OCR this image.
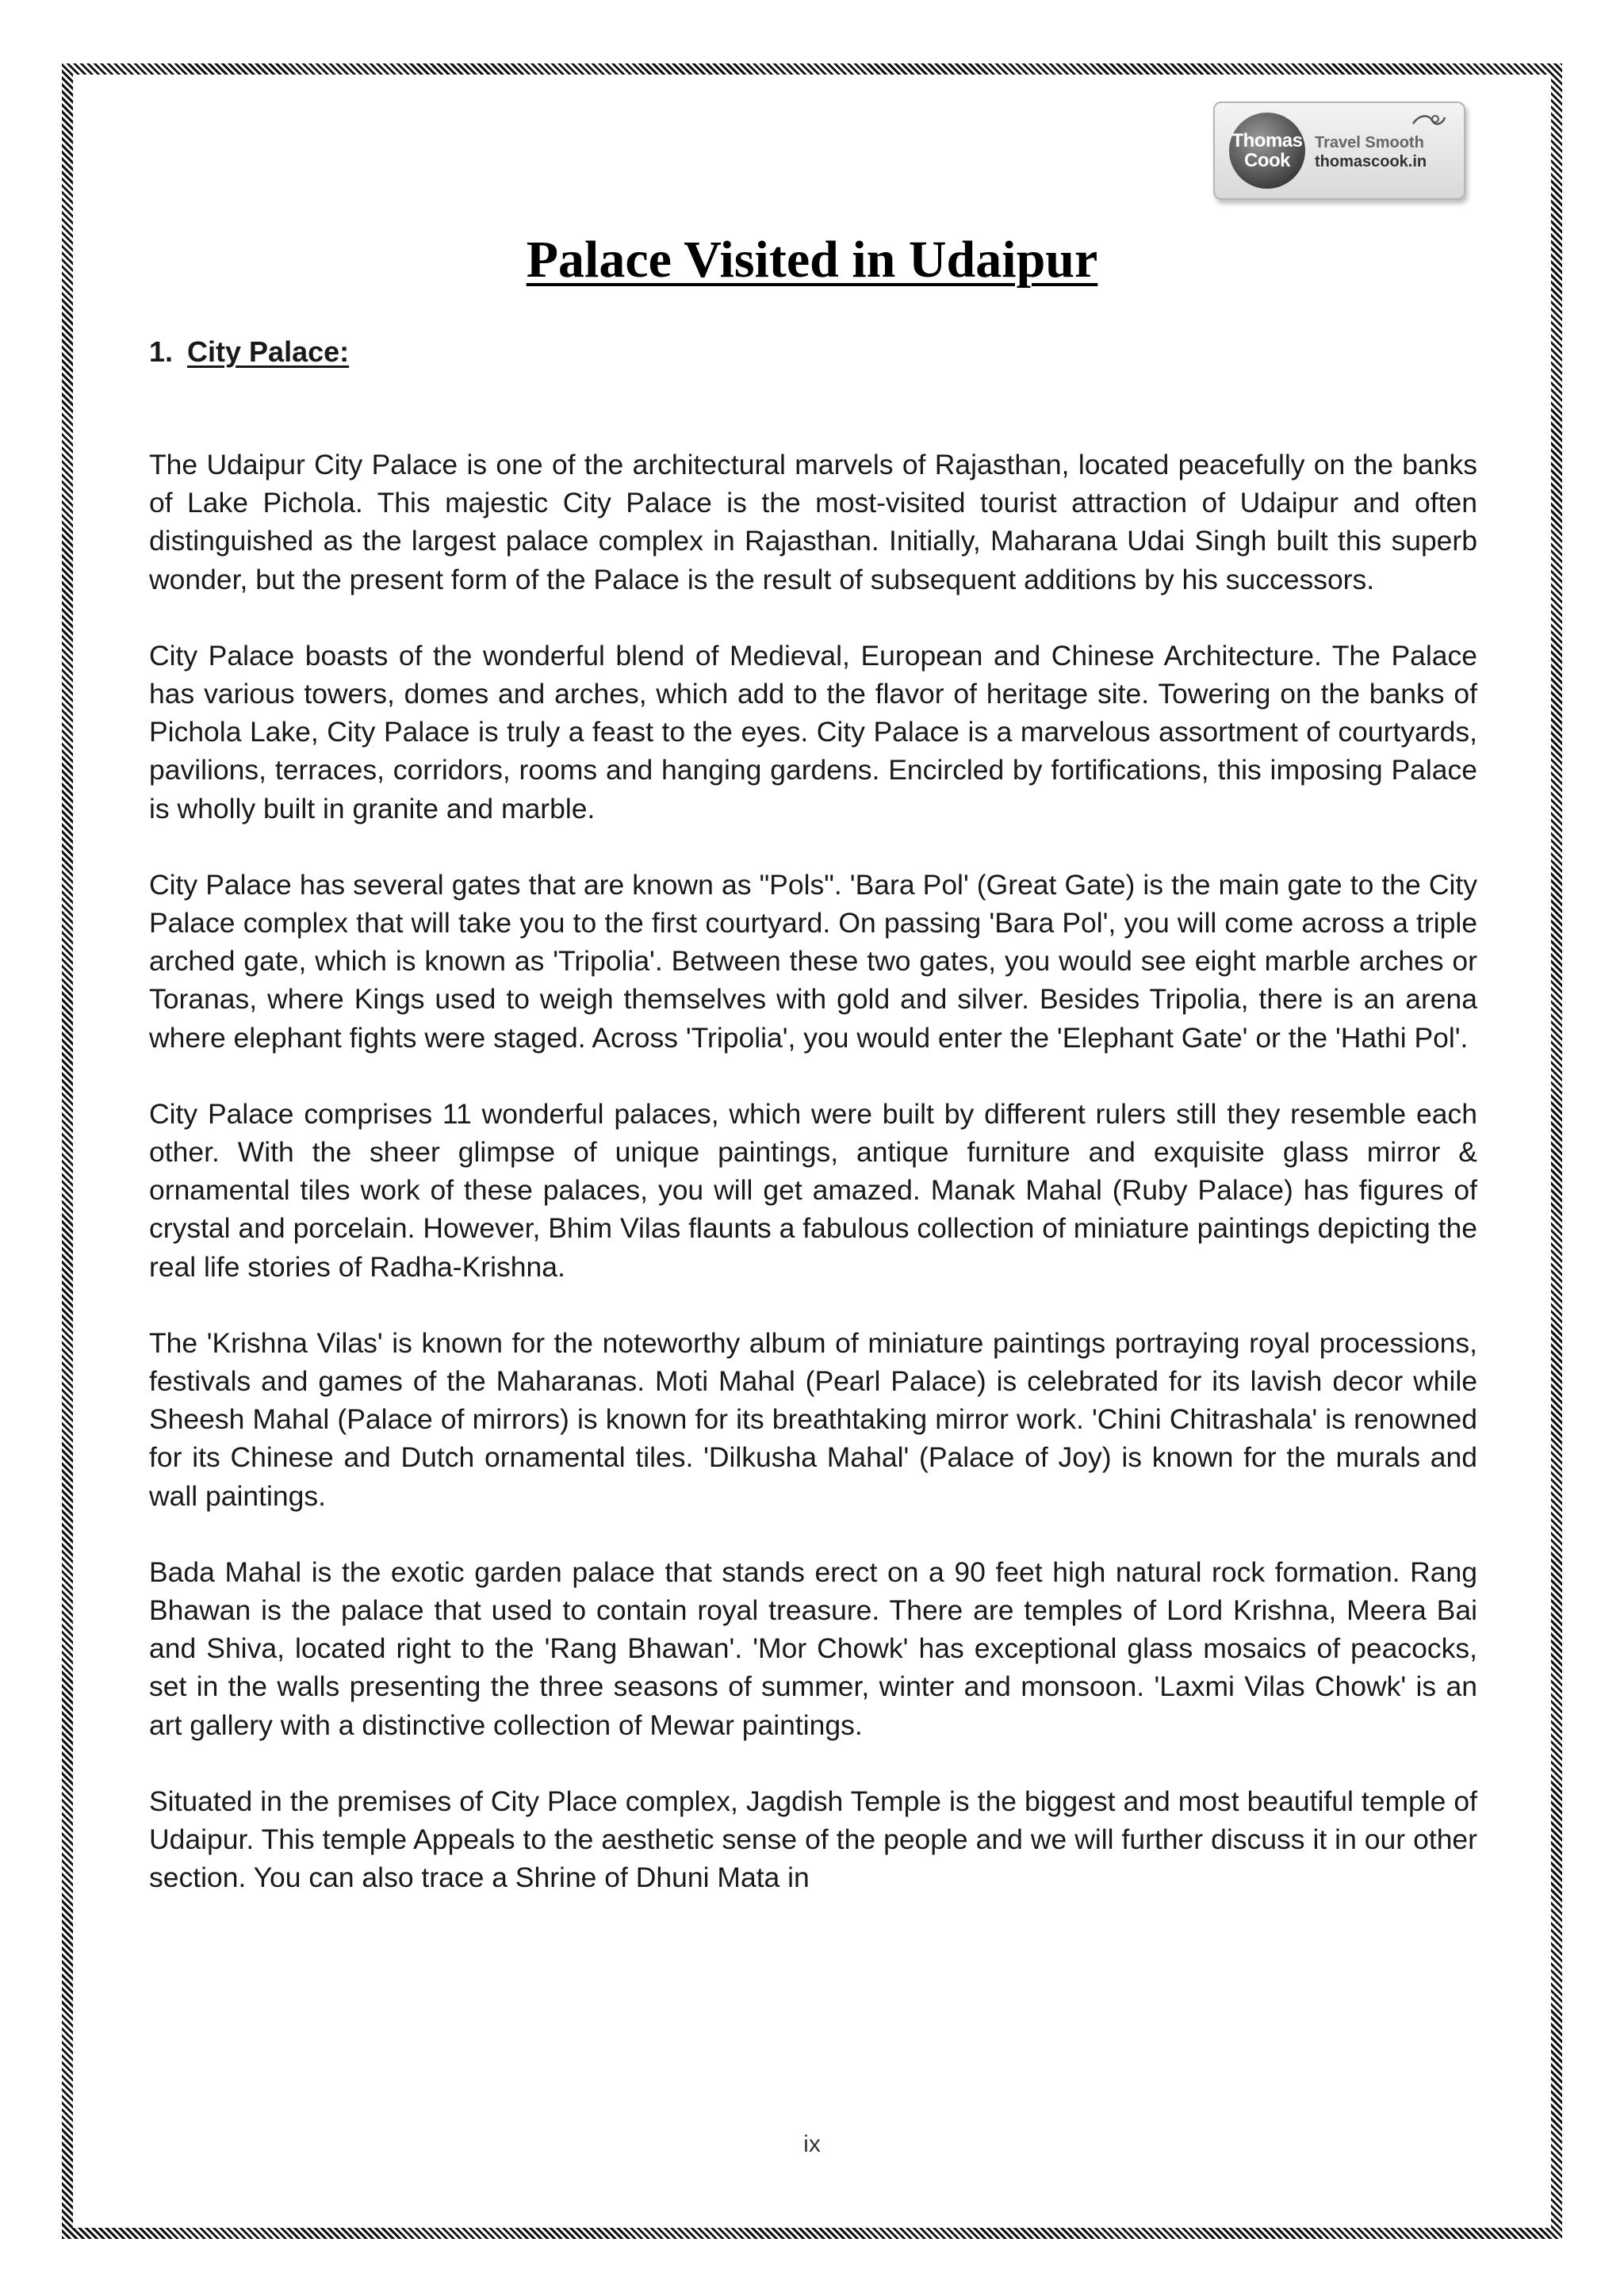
Thomas
Cook
Travel Smooth
thomascook.in
Palace Visited in Udaipur
1. City Palace:

The Udaipur City Palace is one of the architectural marvels of Rajasthan, located peacefully on the banks of Lake Pichola. This majestic City Palace is the most-visited tourist attraction of Udaipur and often distinguished as the largest palace complex in Rajasthan. Initially, Maharana Udai Singh built this superb wonder, but the present form of the Palace is the result of subsequent additions by his successors.

City Palace boasts of the wonderful blend of Medieval, European and Chinese Architecture. The Palace has various towers, domes and arches, which add to the flavor of heritage site. Towering on the banks of Pichola Lake, City Palace is truly a feast to the eyes. City Palace is a marvelous assortment of courtyards, pavilions, terraces, corridors, rooms and hanging gardens. Encircled by fortifications, this imposing Palace is wholly built in granite and marble.

City Palace has several gates that are known as "Pols". 'Bara Pol' (Great Gate) is the main gate to the City Palace complex that will take you to the first courtyard. On passing 'Bara Pol', you will come across a triple arched gate, which is known as 'Tripolia'. Between these two gates, you would see eight marble arches or Toranas, where Kings used to weigh themselves with gold and silver. Besides Tripolia, there is an arena where elephant fights were staged. Across 'Tripolia', you would enter the 'Elephant Gate' or the 'Hathi Pol'.

City Palace comprises 11 wonderful palaces, which were built by different rulers still they resemble each other. With the sheer glimpse of unique paintings, antique furniture and exquisite glass mirror & ornamental tiles work of these palaces, you will get amazed. Manak Mahal (Ruby Palace) has figures of crystal and porcelain. However, Bhim Vilas flaunts a fabulous collection of miniature paintings depicting the real life stories of Radha-Krishna.

The 'Krishna Vilas' is known for the noteworthy album of miniature paintings portraying royal processions, festivals and games of the Maharanas. Moti Mahal (Pearl Palace) is celebrated for its lavish decor while Sheesh Mahal (Palace of mirrors) is known for its breathtaking mirror work. 'Chini Chitrashala' is renowned for its Chinese and Dutch ornamental tiles. 'Dilkusha Mahal' (Palace of Joy) is known for the murals and wall paintings.

Bada Mahal is the exotic garden palace that stands erect on a 90 feet high natural rock formation. Rang Bhawan is the palace that used to contain royal treasure. There are temples of Lord Krishna, Meera Bai and Shiva, located right to the 'Rang Bhawan'. 'Mor Chowk' has exceptional glass mosaics of peacocks, set in the walls presenting the three seasons of summer, winter and monsoon. 'Laxmi Vilas Chowk' is an art gallery with a distinctive collection of Mewar paintings.

Situated in the premises of City Place complex, Jagdish Temple is the biggest and most beautiful temple of Udaipur. This temple Appeals to the aesthetic sense of the people and we will further discuss it in our other section. You can also trace a Shrine of Dhuni Mata in

ix
